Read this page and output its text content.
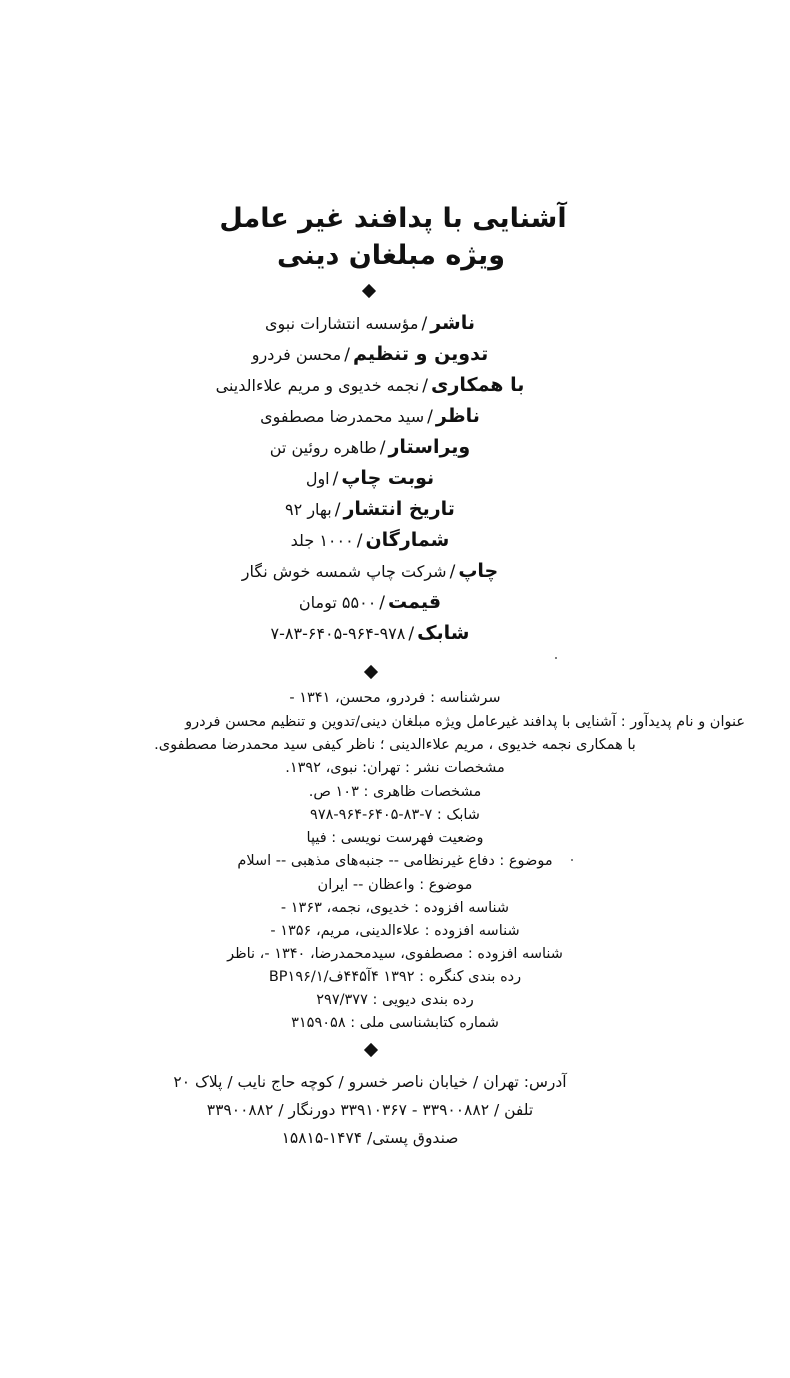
آشنایی با پدافند غیر عامل
ویژه مبلغان دینی
ناشر/مؤسسه انتشارات نبوی
تدوین و تنظیم/محسن فردرو
با همکاری/نجمه خدیوی و مریم علاءالدینی
ناظر/سید محمدرضا مصطفوی
ویراستار/طاهره روئین تن
نوبت چاپ/اول
تاریخ انتشار/بهار ۹۲
شمارگان/۱۰۰۰ جلد
چاپ/شرکت چاپ شمسه خوش نگار
قیمت/۵۵۰۰ تومان
شابک/۹۷۸-۹۶۴-۶۴۰۵-۸۳-۷
سرشناسه : فردرو، محسن، ۱۳۴۱ -
عنوان و نام پدیدآور : آشنایی با پدافند غیرعامل ویژه مبلغان دینی/تدوین و تنظیم محسن فردرو
با همکاری نجمه خدیوی ، مریم علاءالدینی ؛ ناظر کیفی سید محمدرضا مصطفوی.
مشخصات نشر : تهران: نبوی، ۱۳۹۲.
مشخصات ظاهری : ۱۰۳ ص.
شابک : ۷-۸۳-۶۴۰۵-۹۶۴-۹۷۸
وضعیت فهرست نویسی : فیپا
موضوع : دفاع غیرنظامی -- جنبه‌های مذهبی -- اسلام
موضوع : واعظان -- ایران
شناسه افزوده : خدیوی، نجمه، ۱۳۶۳ -
شناسه افزوده : علاءالدینی، مریم، ۱۳۵۶ -
شناسه افزوده : مصطفوی، سیدمحمدرضا، ۱۳۴۰ -، ناظر
رده بندی کنگره : ۱۳۹۲ ۴آ۴۴۵ف/۱/BP۱۹۶
رده بندی دیویی : ۲۹۷/۳۷۷
شماره کتابشناسی ملی : ۳۱۵۹۰۵۸
آدرس: تهران / خیابان ناصر خسرو / کوچه حاج نایب / پلاک ۲۰
تلفن / ۳۳۹۰۰۸۸۲ - ۳۳۹۱۰۳۶۷ دورنگار / ۳۳۹۰۰۸۸۲
صندوق پستی/ ۱۴۷۴-۱۵۸۱۵
